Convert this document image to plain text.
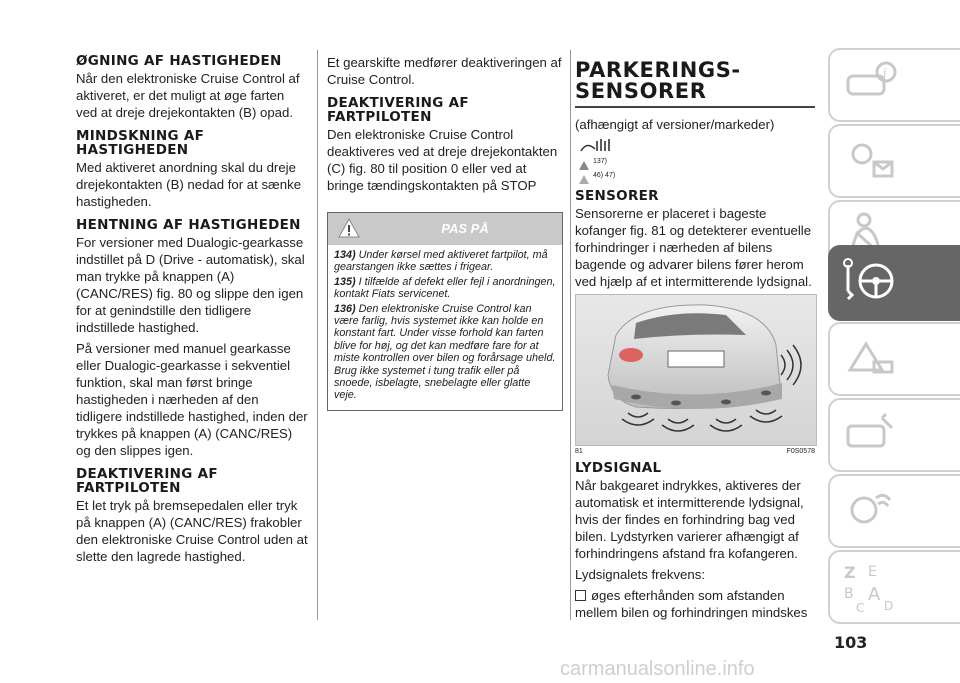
ØGNING AF HASTIGHEDEN

Når den elektroniske Cruise Control af aktiveret, er det muligt at øge farten ved at dreje drejekontakten (B) opad.

MINDSKNING AF HASTIGHEDEN

Med aktiveret anordning skal du dreje drejekontakten (B) nedad for at sænke hastigheden.

HENTNING AF HASTIGHEDEN

For versioner med Dualogic-gearkasse indstillet på D (Drive - automatisk), skal man trykke på knappen (A) (CANC/RES) fig. 80 og slippe den igen for at genindstille den tidligere indstillede hastighed.

På versioner med manuel gearkasse eller Dualogic-gearkasse i sekventiel funktion, skal man først bringe hastigheden i nærheden af den tidligere indstillede hastighed, inden der trykkes på knappen (A) (CANC/RES) og den slippes igen.

DEAKTIVERING AF FARTPILOTEN

Et let tryk på bremsepedalen eller tryk på knappen (A) (CANC/RES) frakobler den elektroniske Cruise Control uden at slette den lagrede hastighed.

Et gearskifte medfører deaktiveringen af Cruise Control.

DEAKTIVERING AF FARTPILOTEN

Den elektroniske Cruise Control deaktiveres ved at dreje drejekontakten (C) fig. 80 til position 0 eller ved at bringe tændingskontakten på STOP

PAS PÅ

134) Under kørsel med aktiveret fartpilot, må gearstangen ikke sættes i frigear.

135) I tilfælde af defekt eller fejl i anordningen, kontakt Fiats servicenet.

136) Den elektroniske Cruise Control kan være farlig, hvis systemet ikke kan holde en konstant fart. Under visse forhold kan farten blive for høj, og det kan medføre fare for at miste kontrollen over bilen og forårsage uheld. Brug ikke systemet i tung trafik eller på snoede, isbelagte, snebelagte eller glatte veje.

PARKERINGS-SENSORER

(afhængigt af versioner/markeder)

137)
46) 47)
SENSORER

Sensorerne er placeret i bageste kofanger fig. 81 og detekterer eventuelle forhindringer i nærheden af bilens bagende og advarer bilens fører herom ved hjælp af et intermitterende lydsignal.

81	F0S0578
LYDSIGNAL

Når bakgearet indrykkes, aktiveres der automatisk et intermitterende lydsignal, hvis der findes en forhindring bag ved bilen. Lydstyrken varierer afhængigt af forhindringens afstand fra kofangeren.

Lydsignalets frekvens:

øges efterhånden som afstanden mellem bilen og forhindringen mindskes

i
Z E
B A
C D
103
carmanualsonline.info
